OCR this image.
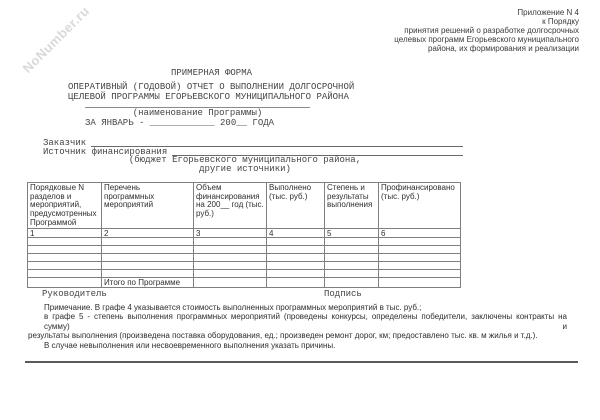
NoNumber.ru	Приложение N 4
к Порядку
принятия решений о разработке долгосрочных
целевых программ Егорьевского муниципального
района, их формирования и реализации
ПРИМЕРНАЯ ФОРМА
ОПЕРАТИВНЫЙ (ГОДОВОЙ) ОТЧЕТ О ВЫПОЛНЕНИИ ДОЛГОСРОЧНОЙ
ЦЕЛЕВОЙ ПРОГРАММЫ ЕГОРЬЕВСКОГО МУНИЦИПАЛЬНОГО РАЙОНА
(наименование Программы)
ЗА ЯНВАРЬ - ____________ 200__ ГОДА
Заказчик
Источник финансирования
(бюджет Егорьевского муниципального района,
другие источники)
Порядковые N разделов и мероприятий, предусмотренных Программой	Перечень программных мероприятий	Объем финансирования на 200__ год (тыс. руб.)	Выполнено (тыс. руб.)	Степень и результаты выполнения	Профинансировано (тыс. руб.)
1	2	3	4	5	6

	Итого по Программе				
Руководитель	Подпись
Примечание. В графе 4 указывается стоимость выполненных программных мероприятий в тыс. руб.;
в графе 5 - степень выполнения программных мероприятий (проведены конкурсы, определены победители, заключены контракты на сумму) и
результаты выполнения (произведена поставка оборудования, ед.; произведен ремонт дорог, км; предоставлено тыс. кв. м жилья и т.д.).
В случае невыполнения или несвоевременного выполнения указать причины.
